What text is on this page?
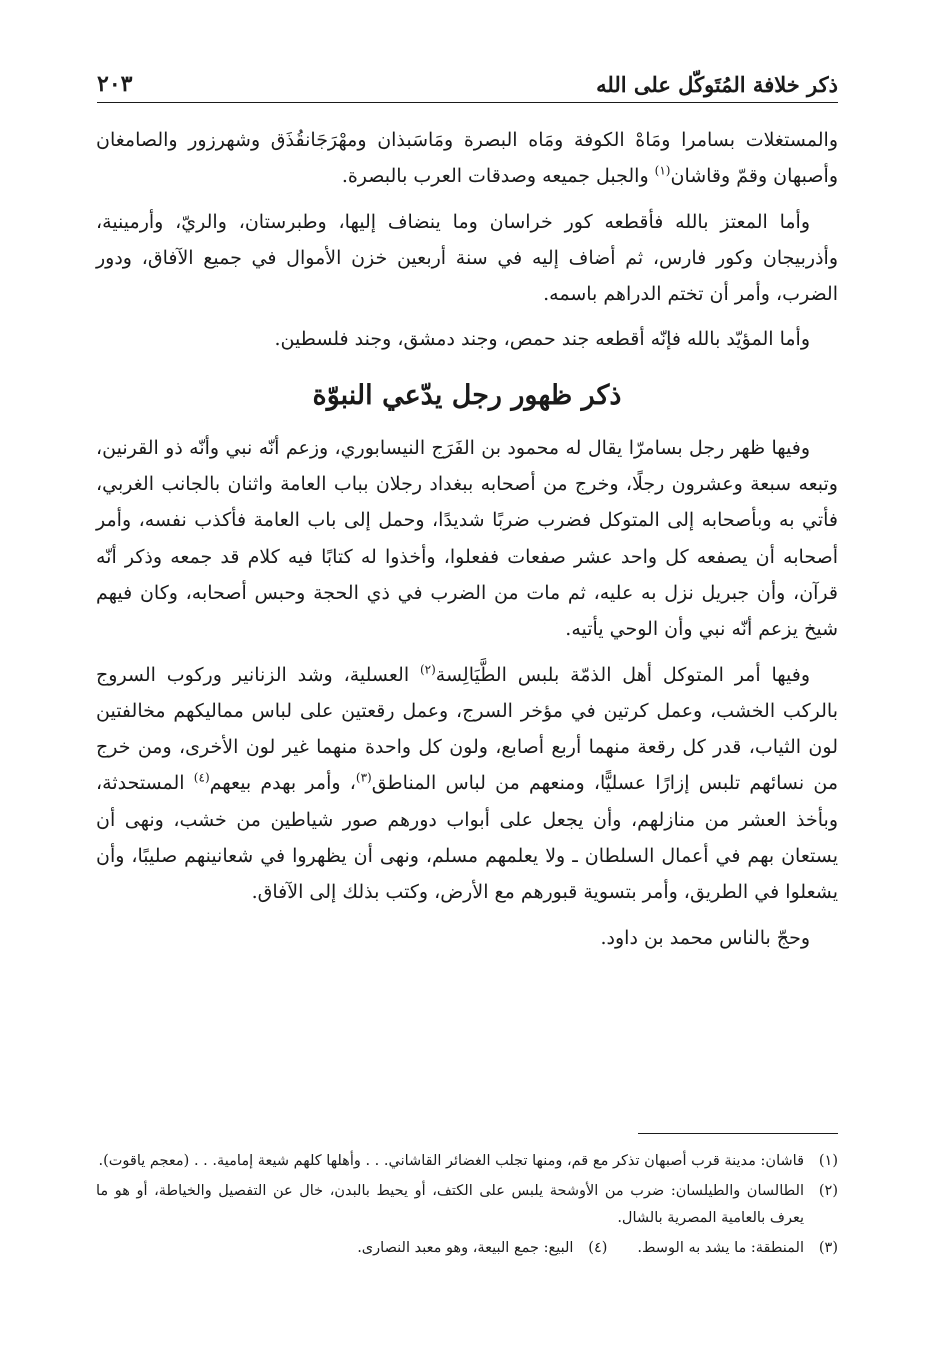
ذكر خلافة المُتَوكّل على الله
٢٠٣

والمستغلات بسامرا ومَاهْ الكوفة ومَاه البصرة ومَاسَبذان ومهْرَجَانقُذَق وشهرزور والصامغان وأصبهان وقمّ وقاشان$^{(١)}$ والجبل جميعه وصدقات العرب بالبصرة.

وأما المعتز بالله فأقطعه كور خراسان وما ينضاف إليها، وطبرستان، والريّ، وأرمينية، وأذربيجان وكور فارس، ثم أضاف إليه في سنة أربعين خزن الأموال في جميع الآفاق، ودور الضرب، وأمر أن تختم الدراهم باسمه.

وأما المؤيّد بالله فإنّه أقطعه جند حمص، وجند دمشق، وجند فلسطين.

ذكر ظهور رجل يدّعي النبوّة

وفيها ظهر رجل بسامرّا يقال له محمود بن الفَرَج النيسابوري، وزعم أنّه نبي وأنّه ذو القرنين، وتبعه سبعة وعشرون رجلًا، وخرج من أصحابه ببغداد رجلان بباب العامة واثنان بالجانب الغربي، فأتي به وبأصحابه إلى المتوكل فضرب ضربًا شديدًا، وحمل إلى باب العامة فأكذب نفسه، وأمر أصحابه أن يصفعه كل واحد عشر صفعات ففعلوا، وأخذوا له كتابًا فيه كلام قد جمعه وذكر أنّه قرآن، وأن جبريل نزل به عليه، ثم مات من الضرب في ذي الحجة وحبس أصحابه، وكان فيهم شيخ يزعم أنّه نبي وأن الوحي يأتيه.

وفيها أمر المتوكل أهل الذمّة بلبس الطَّيَالِسة$^{(٢)}$ العسلية، وشد الزنانير وركوب السروج بالركب الخشب، وعمل كرتين في مؤخر السرج، وعمل رقعتين على لباس مماليكهم مخالفتين لون الثياب، قدر كل رقعة منهما أربع أصابع، ولون كل واحدة منهما غير لون الأخرى، ومن خرج من نسائهم تلبس إزارًا عسليًّا، ومنعهم من لباس المناطق$^{(٣)}$، وأمر بهدم بيعهم$^{(٤)}$ المستحدثة، وبأخذ العشر من منازلهم، وأن يجعل على أبواب دورهم صور شياطين من خشب، ونهى أن يستعان بهم في أعمال السلطان ـ ولا يعلمهم مسلم، ونهى أن يظهروا في شعانينهم صليبًا، وأن يشعلوا في الطريق، وأمر بتسوية قبورهم مع الأرض، وكتب بذلك إلى الآفاق.

وحجّ بالناس محمد بن داود.

(١)
قاشان: مدينة قرب أصبهان تذكر مع قم، ومنها تجلب الغضائر القاشاني. . . وأهلها كلهم شيعة إمامية. . . (معجم ياقوت).
(٢)
الطالسان والطيلسان: ضرب من الأوشحة يلبس على الكتف، أو يحيط بالبدن، خال عن التفصيل والخياطة، أو هو ما يعرف بالعامية المصرية بالشال.
(٣)
المنطقة: ما يشد به الوسط.
(٤)
البيع: جمع البيعة، وهو معبد النصارى.
